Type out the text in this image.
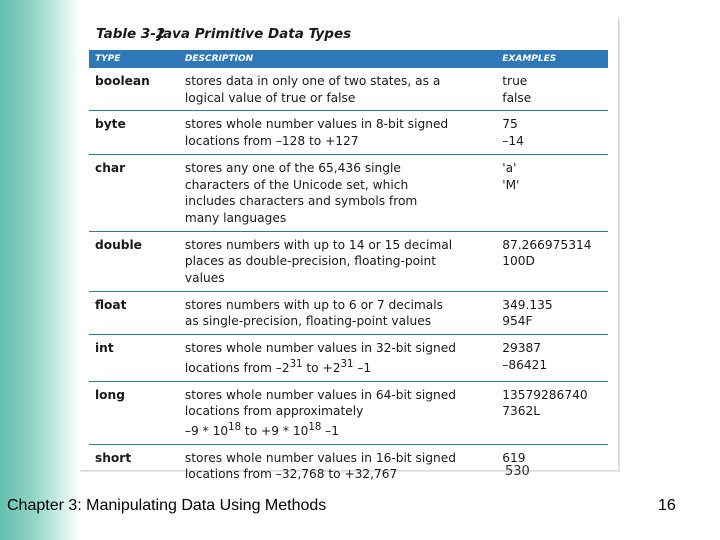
Table 3-2Java Primitive Data Types
TYPE	DESCRIPTION	EXAMPLES
boolean	stores data in only one of two states, as a
logical value of true or false	true
false

byte	stores whole number values in 8-bit signed
locations from –128 to +127	75
–14

char	stores any one of the 65,436 single
characters of the Unicode set, which
includes characters and symbols from
many languages	'a'
'M'

double	stores numbers with up to 14 or 15 decimal
places as double-precision, floating-point
values	87.266975314
100D

float	stores numbers with up to 6 or 7 decimals
as single-precision, floating-point values	349.135
954F

int	stores whole number values in 32-bit signed
locations from $-2^{31}$ to $+2^{31}$ –1	29387
–86421

long	stores whole number values in 64-bit signed
locations from approximately
$-9 * 10^{18}$ to $+9 * 10^{18}$ –1	13579286740
7362L

short	stores whole number values in 16-bit signed
locations from –32,768 to +32,767	619
530
Chapter 3: Manipulating Data Using Methods	16
